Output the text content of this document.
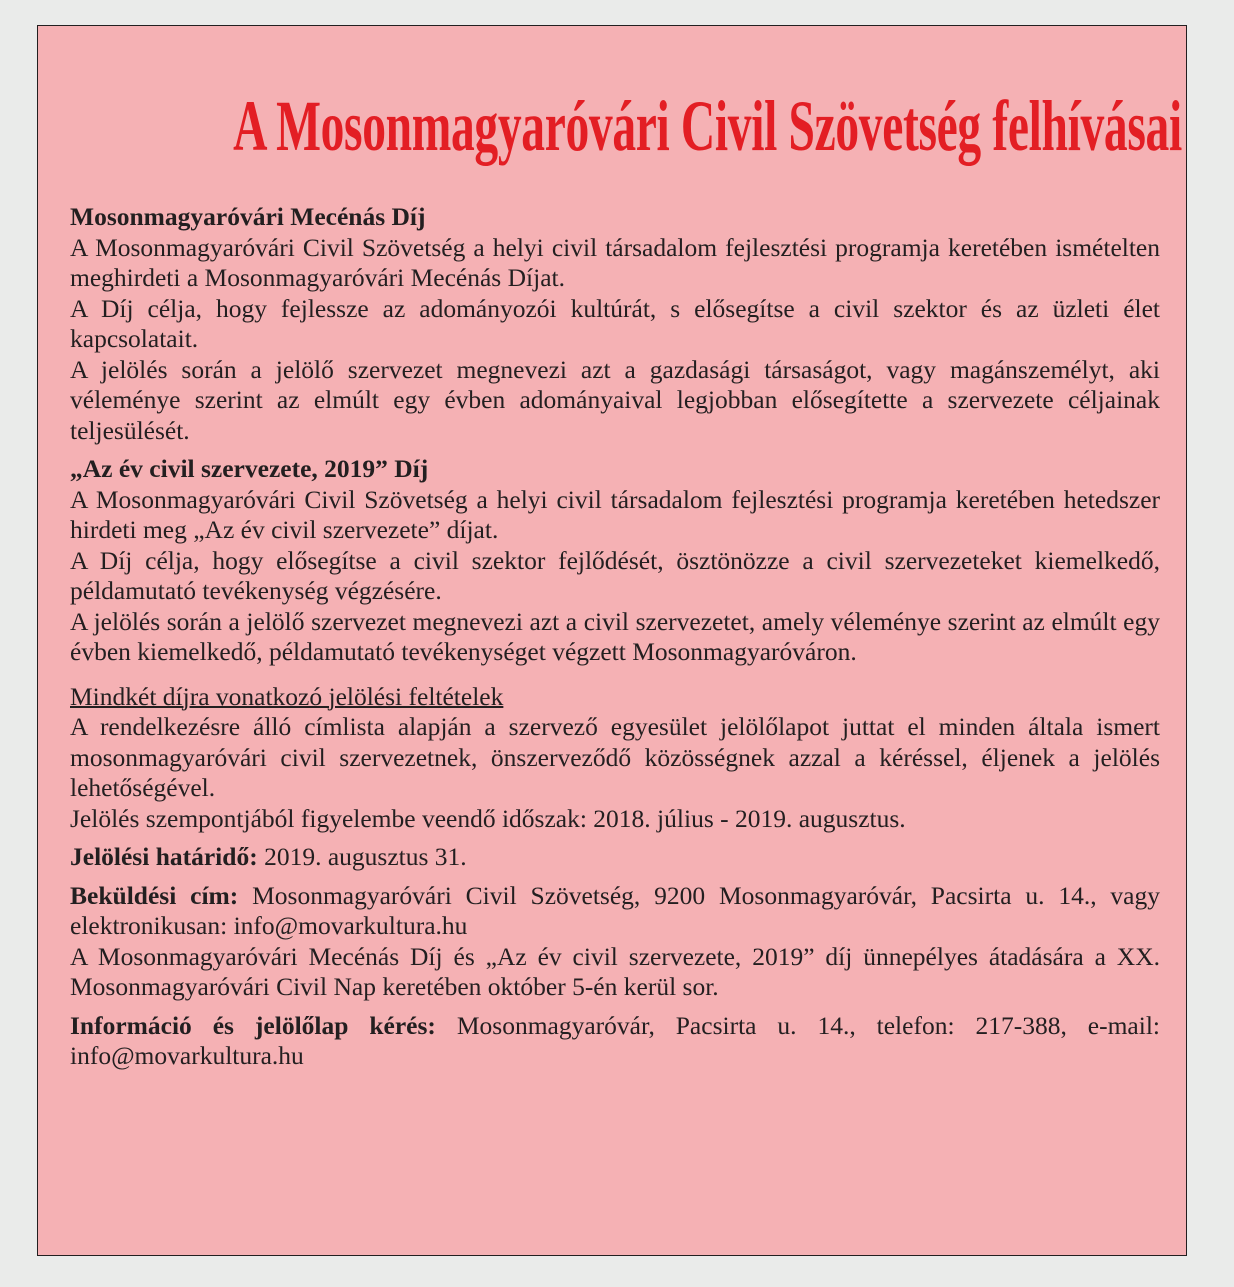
A Mosonmagyaróvári Civil Szövetség felhívásai

Mosonmagyaróvári Mecénás Díj

A Mosonmagyaróvári Civil Szövetség a helyi civil társadalom fejlesztési programja keretében ismételten meghirdeti a Mosonmagyaróvári Mecénás Díjat.

A Díj célja, hogy fejlessze az adományozói kultúrát, s elősegítse a civil szektor és az üzleti élet kapcsolatait.

A jelölés során a jelölő szervezet megnevezi azt a gazdasági társaságot, vagy magánszemélyt, aki véleménye szerint az elmúlt egy évben adományaival legjobban elősegítette a szervezete céljainak teljesülését.

„Az év civil szervezete, 2019” Díj

A Mosonmagyaróvári Civil Szövetség a helyi civil társadalom fejlesztési programja keretében hetedszer hirdeti meg „Az év civil szervezete” díjat.

A Díj célja, hogy elősegítse a civil szektor fejlődését, ösztönözze a civil szervezeteket kiemelkedő, példamutató tevékenység végzésére.

A jelölés során a jelölő szervezet megnevezi azt a civil szervezetet, amely véleménye szerint az elmúlt egy évben kiemelkedő, példamutató tevékenységet végzett Mosonmagyaróváron.

Mindkét díjra vonatkozó jelölési feltételek

A rendelkezésre álló címlista alapján a szervező egyesület jelölőlapot juttat el minden általa ismert mosonmagyaróvári civil szervezetnek, önszerveződő közösségnek azzal a kéréssel, éljenek a jelölés lehetőségével.

Jelölés szempontjából figyelembe veendő időszak: 2018. július - 2019. augusztus.

Jelölési határidő: 2019. augusztus 31.

Beküldési cím: Mosonmagyaróvári Civil Szövetség, 9200 Mosonmagyaróvár, Pacsirta u. 14., vagy elektronikusan: info@movarkultura.hu

A Mosonmagyaróvári Mecénás Díj és „Az év civil szervezete, 2019” díj ünnepélyes átadására a XX. Mosonmagyaróvári Civil Nap keretében október 5-én kerül sor.

Információ és jelölőlap kérés: Mosonmagyaróvár, Pacsirta u. 14., telefon: 217-388, e-mail: info@movarkultura.hu
